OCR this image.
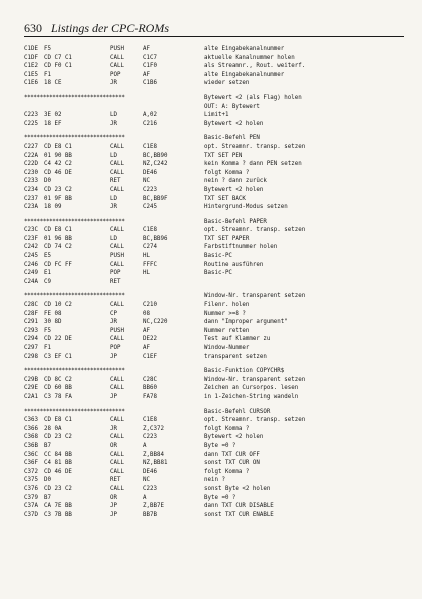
630 Listings der CPC-ROMs
C1DE F5	PUSH	AF	alte Eingabekanalnummer
C1DF CD C7 C1	CALL	C1C7	aktuelle Kanalnummer holen
C1E2 CD F0 C1	CALL	C1F0	als Streamnr., Rout. weiterf.
C1E5 F1	POP	AF	alte Eingabekanalnummer
C1E6 18 CE	JR	C1B6	wieder setzen
********************************	Bytewert <2 (als Flag) holen
OUT: A: Bytewert
C223 3E 02	LD	A,02	Limit+1
C225 18 EF	JR	C216	Bytewert <2 holen
********************************	Basic-Befehl PEN
C227 CD E8 C1	CALL	C1E8	opt. Streamnr. transp. setzen
C22A 01 90 BB	LD	BC,BB90	TXT SET PEN
C22D C4 42 C2	CALL	NZ,C242	kein Komma ? dann PEN setzen
C230 CD 46 DE	CALL	DE46	folgt Komma ?
C233 D0	RET	NC	nein ? dann zurück
C234 CD 23 C2	CALL	C223	Bytewert <2 holen
C237 01 9F BB	LD	BC,BB9F	TXT SET BACK
C23A 18 09	JR	C245	Hintergrund-Modus setzen
********************************	Basic-Befehl PAPER
C23C CD E8 C1	CALL	C1E8	opt. Streamnr. transp. setzen
C23F 01 96 BB	LD	BC,BB96	TXT SET PAPER
C242 CD 74 C2	CALL	C274	Farbstiftnummer holen
C245 E5	PUSH	HL	Basic-PC
C246 CD FC FF	CALL	FFFC	Routine ausführen
C249 E1	POP	HL	Basic-PC
C24A C9	RET
********************************	Window-Nr. transparent setzen
C28C CD 10 C2	CALL	C210	Filenr. holen
C28F FE 08	CP	08	Nummer >=8 ?
C291 30 8D	JR	NC,C220	dann "Improper argument"
C293 F5	PUSH	AF	Nummer retten
C294 CD 22 DE	CALL	DE22	Test auf Klammer zu
C297 F1	POP	AF	Window-Nummer
C298 C3 EF C1	JP	C1EF	transparent setzen
********************************	Basic-Funktion COPYCHR$
C29B CD 8C C2	CALL	C28C	Window-Nr. transparent setzen
C29E CD 60 BB	CALL	BB60	Zeichen an Cursorpos. lesen
C2A1 C3 78 FA	JP	FA78	in 1-Zeichen-String wandeln
********************************	Basic-Befehl CURSOR
C363 CD E8 C1	CALL	C1E8	opt. Streamnr. transp. setzen
C366 28 0A	JR	Z,C372	folgt Komma ?
C368 CD 23 C2	CALL	C223	Bytewert <2 holen
C36B B7	OR	A	Byte =0 ?
C36C CC 84 BB	CALL	Z,BB84	dann TXT CUR OFF
C36F C4 81 BB	CALL	NZ,BB81	sonst TXT CUR ON
C372 CD 46 DE	CALL	DE46	folgt Komma ?
C375 D0	RET	NC	nein ?
C376 CD 23 C2	CALL	C223	sonst Byte <2 holen
C379 B7	OR	A	Byte =0 ?
C37A CA 7E BB	JP	Z,BB7E	dann TXT CUR DISABLE
C37D C3 7B BB	JP	BB7B	sonst TXT CUR ENABLE
